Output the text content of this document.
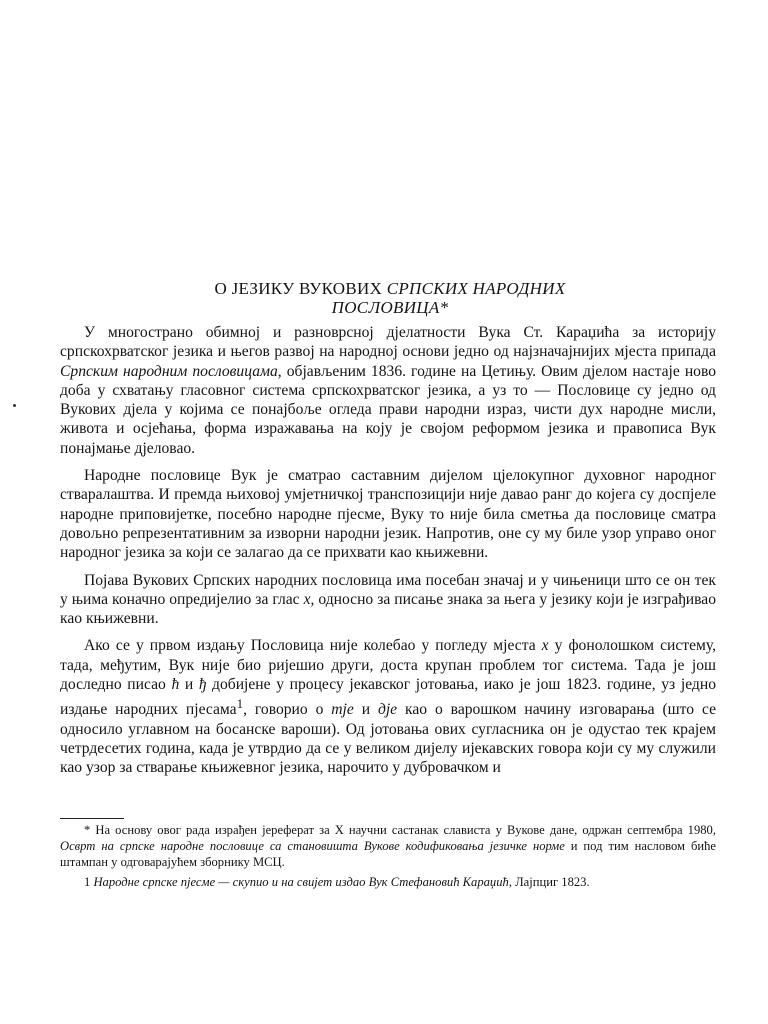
О ЈЕЗИКУ ВУКОВИХ СРПСКИХ НАРОДНИХ
ПОСЛОВИЦА*

У многострано обимној и разноврсној дјелатности Вука Ст. Караџића за историју српскохрватског језика и његов развој на народној основи једно од најзначајнијих мјеста припада Српским народним пословицама, објављеним 1836. године на Цетињу. Овим дјелом настаје ново доба у схватању гласовног система српскохрватског језика, а уз то — Пословице су једно од Вукових дјела у којима се понајбоље огледа прави народни израз, чисти дух народне мисли, живота и осјећања, форма изражавања на коју је својом реформом језика и правописа Вук понајмање дјеловао.

Народне пословице Вук је сматрао саставним дијелом цјелокупног духовног народног стваралаштва. И премда њиховој умјетничкој транспозицији није давао ранг до којега су доспјеле народне приповијетке, посебно народне пјесме, Вуку то није била сметња да пословице сматра довољно репрезентативним за изворни народни језик. Напротив, оне су му биле узор управо оног народног језика за који се залагао да се прихвати као књижевни.

Појава Вукових Српских народних пословица има посебан значај и у чињеници што се он тек у њима коначно опредијелио за глас х, односно за писање знака за њега у језику који је изграђивао као књижевни.

Ако се у првом издању Пословица није колебао у погледу мјеста х у фонолошком систему, тада, међутим, Вук није био ријешио други, доста крупан проблем тог система. Тада је још доследно писао ћ и ђ добијене у процесу јекавског јотовања, иако је још 1823. године, уз једно издање народних пјесама$^1$, говорио о тје и дје као о варошком начину изговарања (што се односило углавном на босанске вароши). Од јотовања ових сугласника он је одустао тек крајем четрдесетих година, када је утврдио да се у великом дијелу ијекавских говора који су му служили као узор за стварање књижевног језика, нарочито у дубровачком и

* На основу овог рада израђен јереферат за X научни састанак слависта у Вукове дане, одржан септембра 1980, Осврт на српске народне пословице са становишта Вукове кодификовања језичке норме и под тим насловом биће штампан у одговарајућем зборнику МСЦ.

1 Народне српске пјесме — скупио и на свијет издао Вук Стефановић Караџић, Лајпциг 1823.
